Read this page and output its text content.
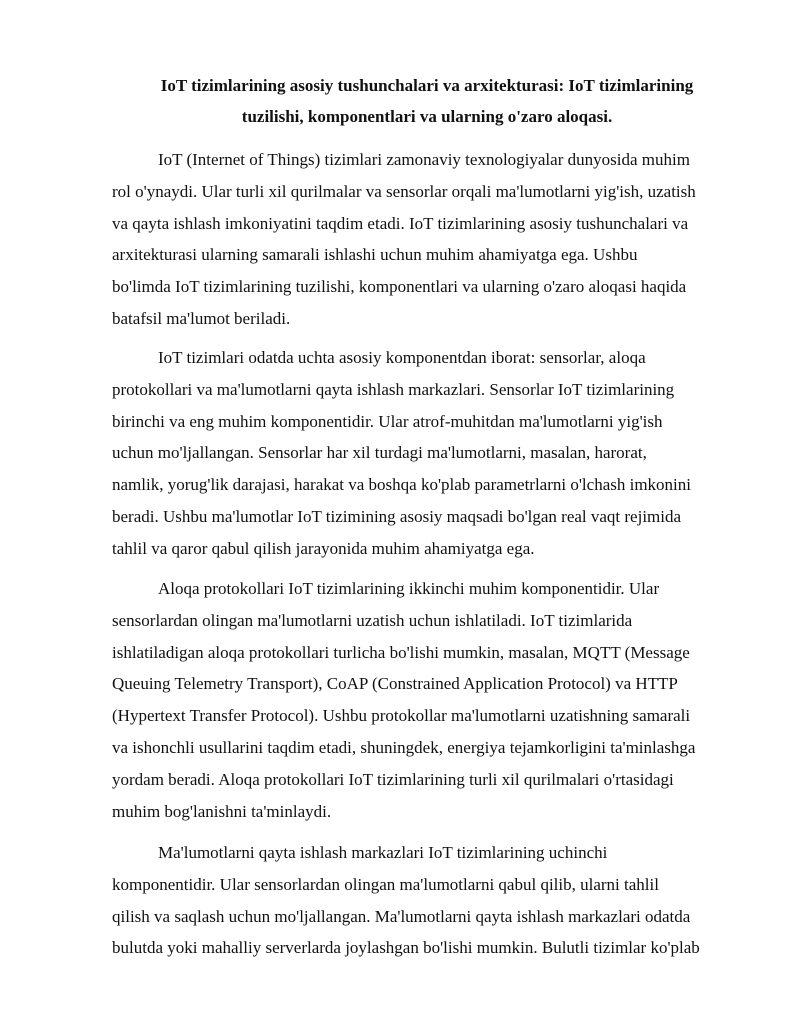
IoT tizimlarining asosiy tushunchalari va arxitekturasi: IoT tizimlarining
tuzilishi, komponentlari va ularning o'zaro aloqasi.

IoT (Internet of Things) tizimlari zamonaviy texnologiyalar dunyosida muhim
rol o'ynaydi. Ular turli xil qurilmalar va sensorlar orqali ma'lumotlarni yig'ish, uzatish
va qayta ishlash imkoniyatini taqdim etadi. IoT tizimlarining asosiy tushunchalari va
arxitekturasi ularning samarali ishlashi uchun muhim ahamiyatga ega. Ushbu
bo'limda IoT tizimlarining tuzilishi, komponentlari va ularning o'zaro aloqasi haqida
batafsil ma'lumot beriladi.

IoT tizimlari odatda uchta asosiy komponentdan iborat: sensorlar, aloqa
protokollari va ma'lumotlarni qayta ishlash markazlari. Sensorlar IoT tizimlarining
birinchi va eng muhim komponentidir. Ular atrof-muhitdan ma'lumotlarni yig'ish
uchun mo'ljallangan. Sensorlar har xil turdagi ma'lumotlarni, masalan, harorat,
namlik, yorug'lik darajasi, harakat va boshqa ko'plab parametrlarni o'lchash imkonini
beradi. Ushbu ma'lumotlar IoT tizimining asosiy maqsadi bo'lgan real vaqt rejimida
tahlil va qaror qabul qilish jarayonida muhim ahamiyatga ega.

Aloqa protokollari IoT tizimlarining ikkinchi muhim komponentidir. Ular
sensorlardan olingan ma'lumotlarni uzatish uchun ishlatiladi. IoT tizimlarida
ishlatiladigan aloqa protokollari turlicha bo'lishi mumkin, masalan, MQTT (Message
Queuing Telemetry Transport), CoAP (Constrained Application Protocol) va HTTP
(Hypertext Transfer Protocol). Ushbu protokollar ma'lumotlarni uzatishning samarali
va ishonchli usullarini taqdim etadi, shuningdek, energiya tejamkorligini ta'minlashga
yordam beradi. Aloqa protokollari IoT tizimlarining turli xil qurilmalari o'rtasidagi
muhim bog'lanishni ta'minlaydi.

Ma'lumotlarni qayta ishlash markazlari IoT tizimlarining uchinchi
komponentidir. Ular sensorlardan olingan ma'lumotlarni qabul qilib, ularni tahlil
qilish va saqlash uchun mo'ljallangan. Ma'lumotlarni qayta ishlash markazlari odatda
bulutda yoki mahalliy serverlarda joylashgan bo'lishi mumkin. Bulutli tizimlar ko'plab
